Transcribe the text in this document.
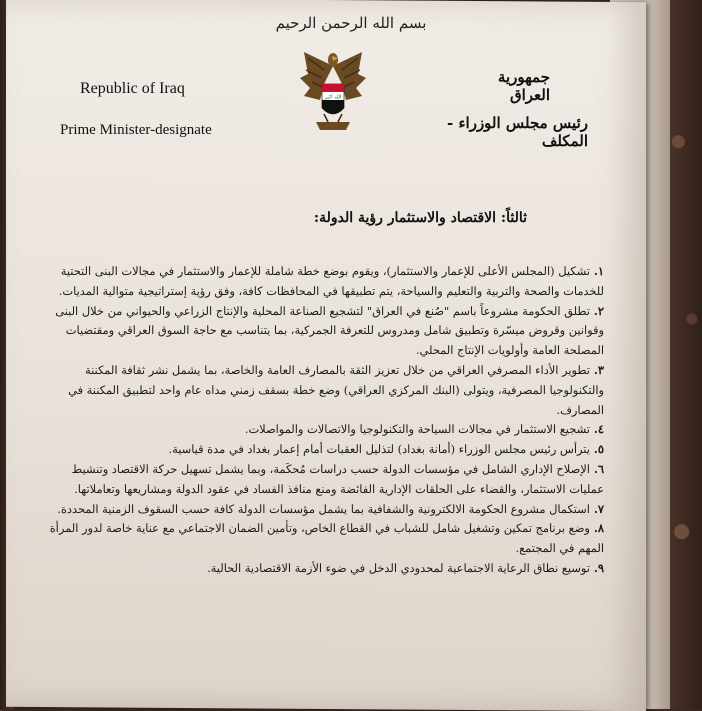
بسم الله الرحمن الرحيم
Republic of Iraq
Prime Minister-designate
الله أكبر
جمهورية العراق
رئيس مجلس الوزراء - المكلف
ثالثاً: الاقتصاد والاستثمار رؤية الدولة:

١.تشكيل (المجلس الأعلى للإعمار والاستثمار)، ويقوم بوضع خطة شاملة للإعمار والاستثمار في مجالات البنى التحتية للخدمات والصحة والتربية والتعليم والسياحة، يتم تطبيقها في المحافظات كافة، وفق رؤية إستراتيجية متوالية المديات.

٢.تطلق الحكومة مشروعاً باسم "صُنع في العراق" لتشجيع الصناعة المحلية والإنتاج الزراعي والحيواني من خلال البنى وقوانين وقروض ميسّرة وتطبيق شامل ومدروس للتعرفة الجمركية، بما يتناسب مع حاجة السوق العراقي ومقتضيات المصلحة العامة وأولويات الإنتاج المحلي.

٣.تطوير الأداء المصرفي العراقي من خلال تعزيز الثقة بالمصارف العامة والخاصة، بما يشمل نشر ثقافة المكننة والتكنولوجيا المصرفية، ويتولى (البنك المركزي العراقي) وضع خطة بسقف زمني مداه عام واحد لتطبيق المكننة في المصارف.

٤.تشجيع الاستثمار في مجالات السياحة والتكنولوجيا والاتصالات والمواصلات.

٥.يترأس رئيس مجلس الوزراء (أمانة بغداد) لتذليل العقبات أمام إعمار بغداد في مدة قياسية.

٦.الإصلاح الإداري الشامل في مؤسسات الدولة حسب دراسات مُحكَمة، وبما يشمل تسهيل حركة الاقتصاد وتنشيط عمليات الاستثمار، والقضاء على الحلقات الإدارية الفائضة ومنع منافذ الفساد في عقود الدولة ومشاريعها وتعاملاتها.

٧.استكمال مشروع الحكومة الالكترونية والشفافية بما يشمل مؤسسات الدولة كافة حسب السقوف الزمنية المحددة.

٨.وضع برنامج تمكين وتشغيل شامل للشباب في القطاع الخاص، وتأمين الضمان الاجتماعي مع عناية خاصة لدور المرأة المهم في المجتمع.

٩.توسيع نطاق الرعاية الاجتماعية لمحدودي الدخل في ضوء الأزمة الاقتصادية الحالية.
